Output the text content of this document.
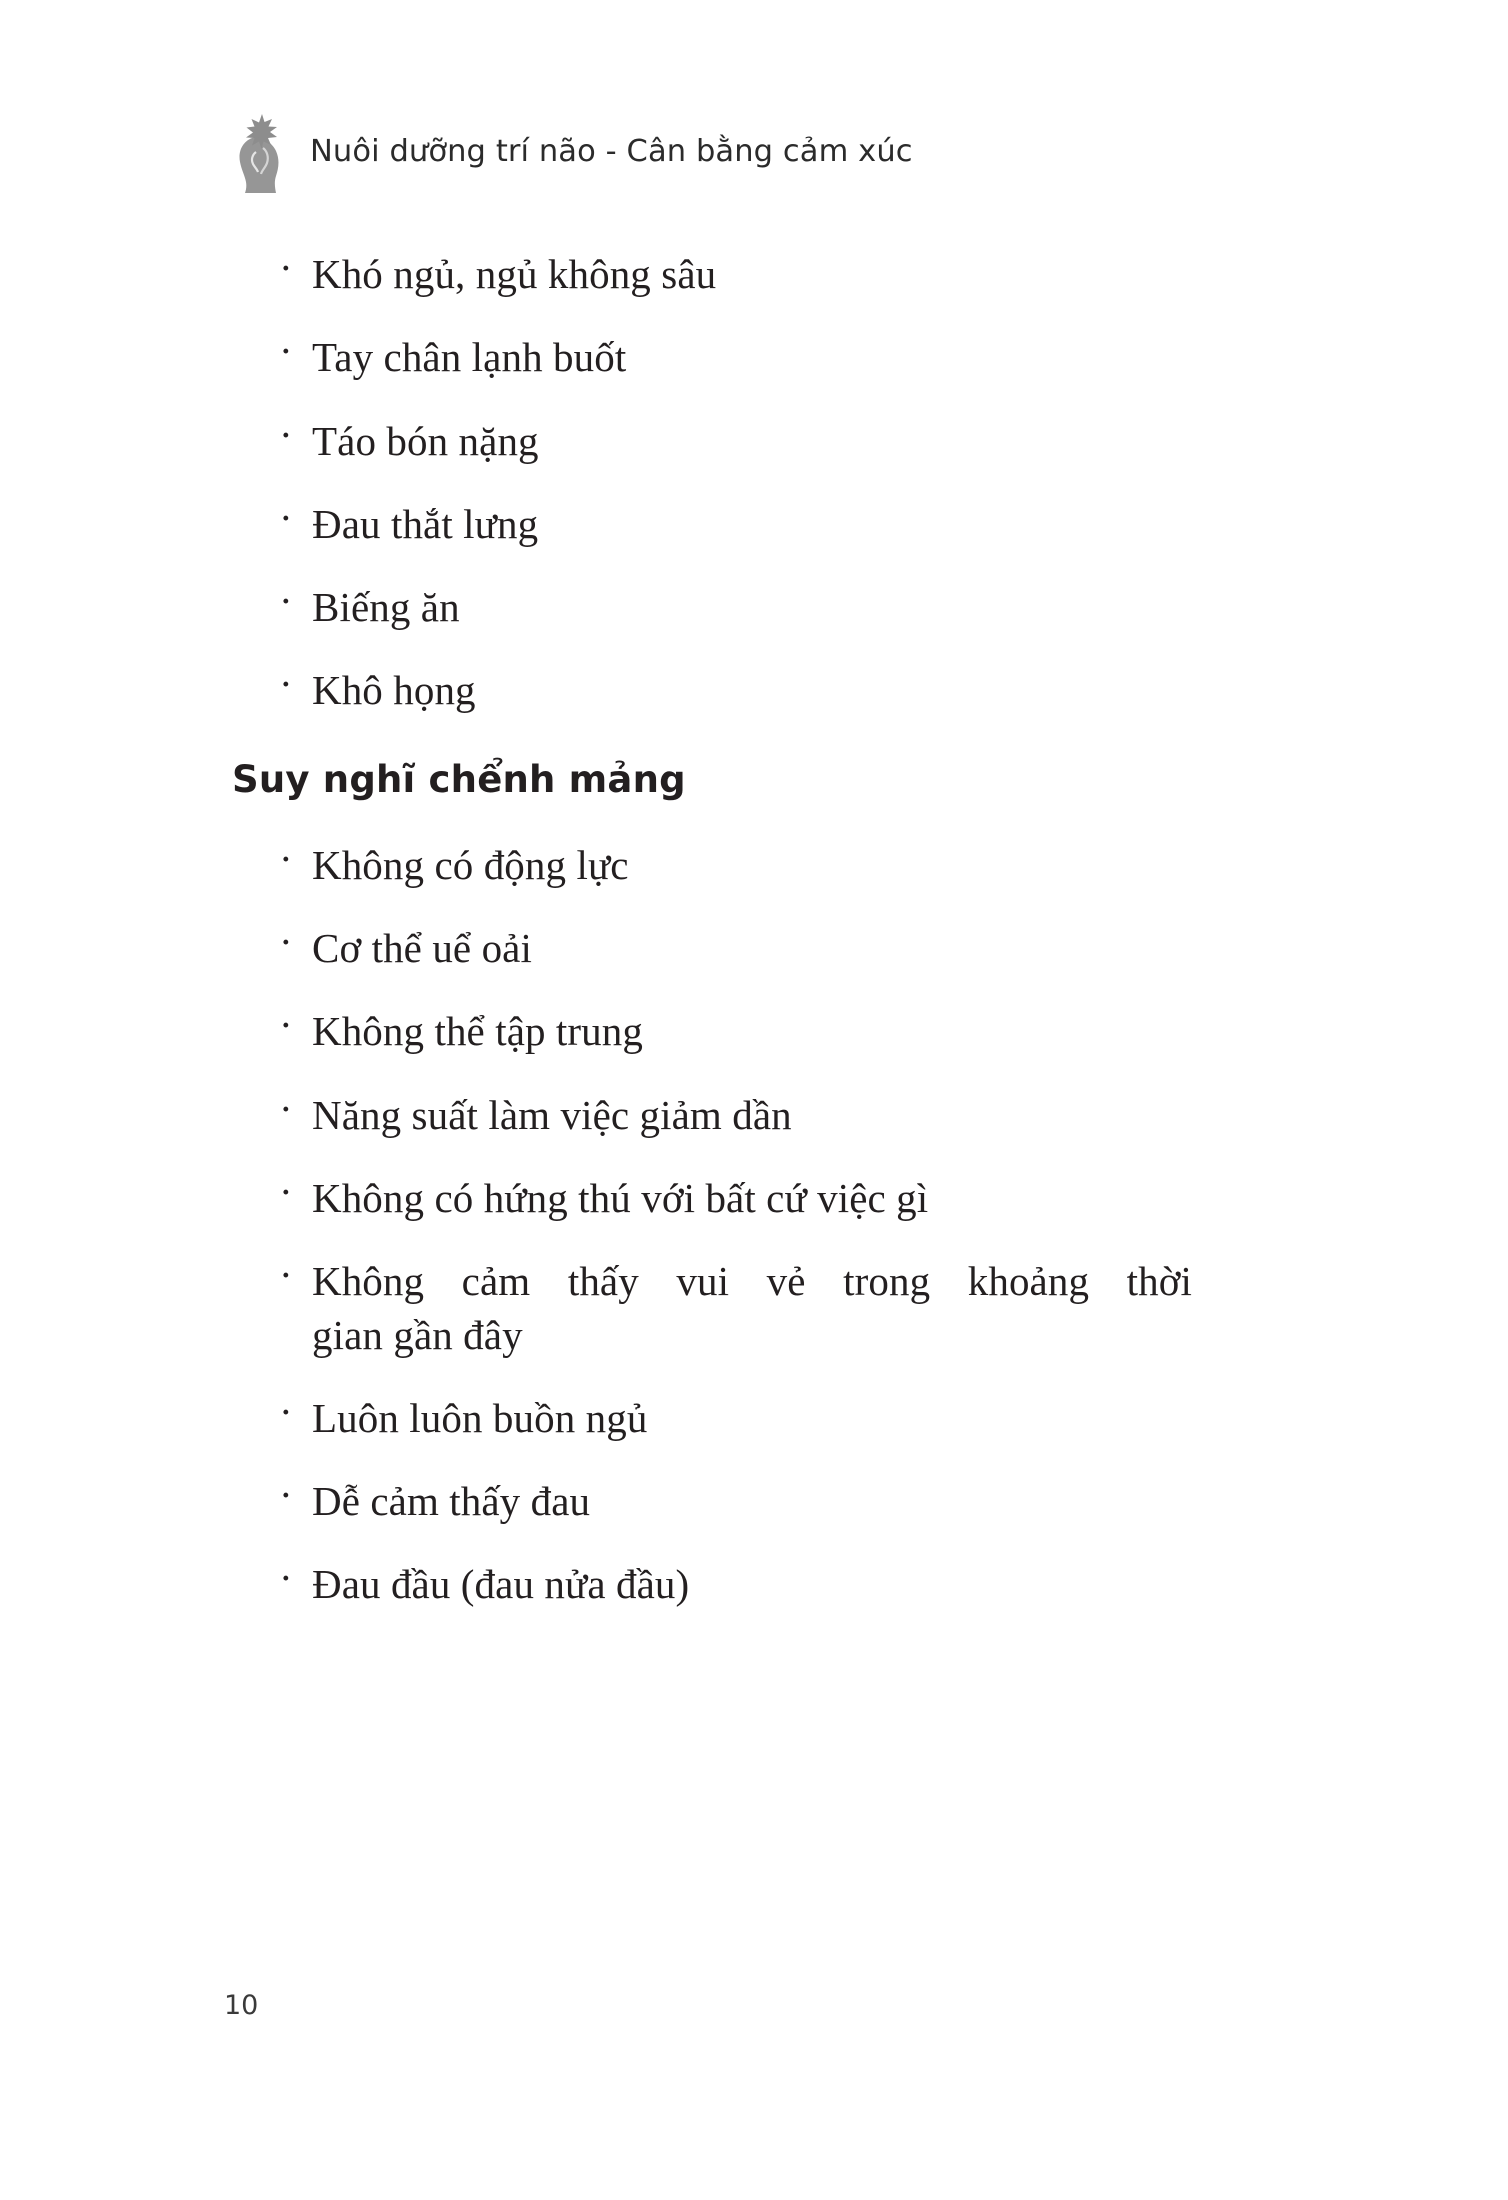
Nuôi dưỡng trí não - Cân bằng cảm xúc
· Khó ngủ, ngủ không sâu
· Tay chân lạnh buốt
· Táo bón nặng
· Đau thắt lưng
· Biếng ăn
· Khô họng
Suy nghĩ chểnh mảng
· Không có động lực
· Cơ thể uể oải
· Không thể tập trung
· Năng suất làm việc giảm dần
· Không có hứng thú với bất cứ việc gì
· Không cảm thấy vui vẻ trong khoảng thời
gian gần đây
· Luôn luôn buồn ngủ
· Dễ cảm thấy đau
· Đau đầu (đau nửa đầu)
10
